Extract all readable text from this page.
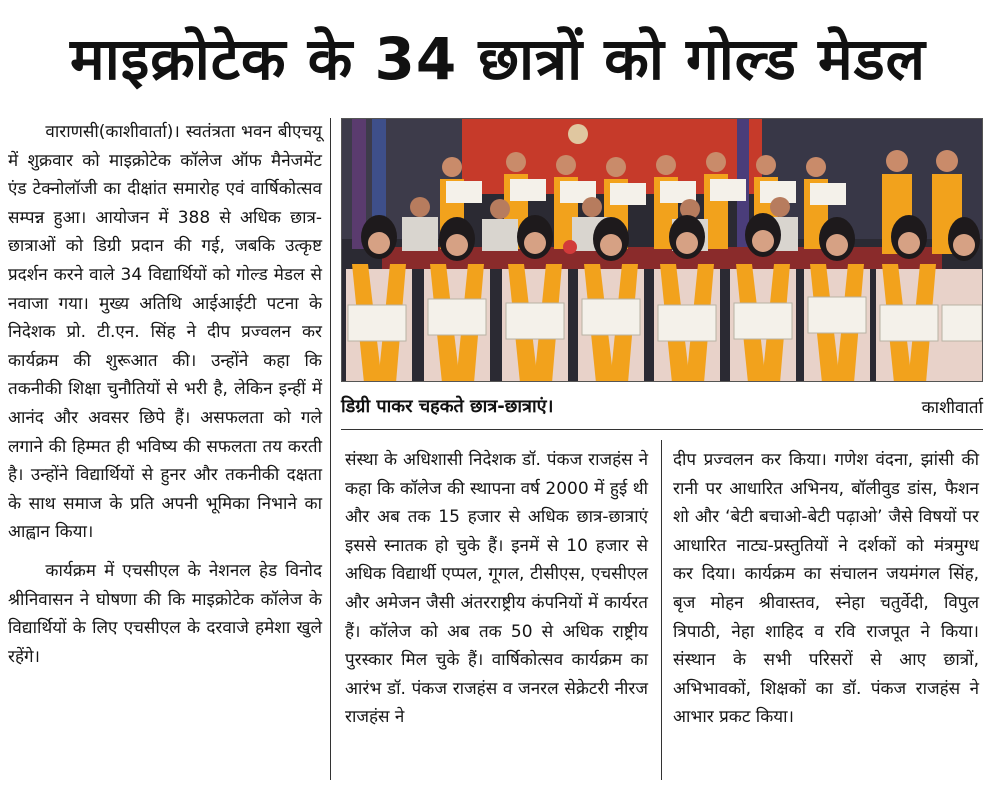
माइक्रोटेक के 34 छात्रों को गोल्ड मेडल

वाराणसी(काशीवार्ता)। स्वतंत्रता भवन बीएचयू में शुक्रवार को माइक्रोटेक कॉलेज ऑफ मैनेजमेंट एंड टेक्नोलॉजी का दीक्षांत समारोह एवं वार्षिकोत्सव सम्पन्न हुआ। आयोजन में 388 से अधिक छात्र-छात्राओं को डिग्री प्रदान की गई, जबकि उत्कृष्ट प्रदर्शन करने वाले 34 विद्यार्थियों को गोल्ड मेडल से नवाजा गया। मुख्य अतिथि आईआईटी पटना के निदेशक प्रो. टी.एन. सिंह ने दीप प्रज्वलन कर कार्यक्रम की शुरूआत की। उन्होंने कहा कि तकनीकी शिक्षा चुनौतियों से भरी है, लेकिन इन्हीं में आनंद और अवसर छिपे हैं। असफलता को गले लगाने की हिम्मत ही भविष्य की सफलता तय करती है। उन्होंने विद्यार्थियों से हुनर और तकनीकी दक्षता के साथ समाज के प्रति अपनी भूमिका निभाने का आह्वान किया।

कार्यक्रम में एचसीएल के नेशनल हेड विनोद श्रीनिवासन ने घोषणा की कि माइक्रोटेक कॉलेज के विद्यार्थियों के लिए एचसीएल के दरवाजे हमेशा खुले रहेंगे।

डिग्री पाकर चहकते छात्र-छात्राएं।	काशीवार्ता

संस्था के अधिशासी निदेशक डॉ. पंकज राजहंस ने कहा कि कॉलेज की स्थापना वर्ष 2000 में हुई थी और अब तक 15 हजार से अधिक छात्र-छात्राएं इससे स्नातक हो चुके हैं। इनमें से 10 हजार से अधिक विद्यार्थी एप्पल, गूगल, टीसीएस, एचसीएल और अमेजन जैसी अंतरराष्ट्रीय कंपनियों में कार्यरत हैं। कॉलेज को अब तक 50 से अधिक राष्ट्रीय पुरस्कार मिल चुके हैं। वार्षिकोत्सव कार्यक्रम का आरंभ डॉ. पंकज राजहंस व जनरल सेक्रेटरी नीरज राजहंस ने

दीप प्रज्वलन कर किया। गणेश वंदना, झांसी की रानी पर आधारित अभिनय, बॉलीवुड डांस, फैशन शो और ‘बेटी बचाओ-बेटी पढ़ाओ’ जैसे विषयों पर आधारित नाट्य-प्रस्तुतियों ने दर्शकों को मंत्रमुग्ध कर दिया। कार्यक्रम का संचालन जयमंगल सिंह, बृज मोहन श्रीवास्तव, स्नेहा चतुर्वेदी, विपुल त्रिपाठी, नेहा शाहिद व रवि राजपूत ने किया। संस्थान के सभी परिसरों से आए छात्रों, अभिभावकों, शिक्षकों का डॉ. पंकज राजहंस ने आभार प्रकट किया।
